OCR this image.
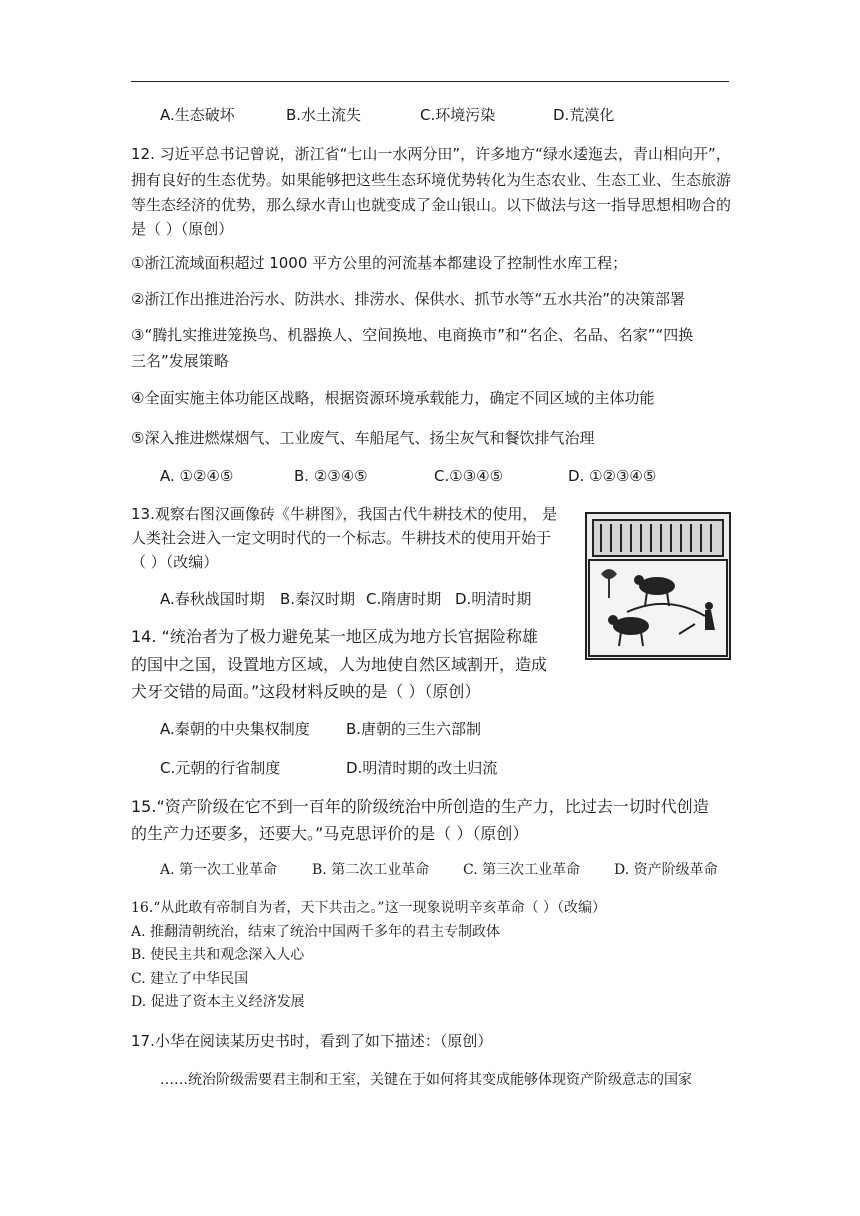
A.生态破坏	B.水土流失	C.环境污染	D.荒漠化
12. 习近平总书记曾说，浙江省“七山一水两分田”，许多地方“绿水逶迤去，青山相向开”，
拥有良好的生态优势。如果能够把这些生态环境优势转化为生态农业、生态工业、生态旅游
等生态经济的优势，那么绿水青山也就变成了金山银山。以下做法与这一指导思想相吻合的
是（ ）（原创）
①浙江流域面积超过 1000 平方公里的河流基本都建设了控制性水库工程；
②浙江作出推进治污水、防洪水、排涝水、保供水、抓节水等“五水共治”的决策部署
③“腾扎实推进笼换鸟、机器换人、空间换地、电商换市”和“名企、名品、名家”“四换
三名”发展策略
④全面实施主体功能区战略，根据资源环境承载能力，确定不同区域的主体功能
⑤深入推进燃煤烟气、工业废气、车船尾气、扬尘灰气和餐饮排气治理
A. ①②④⑤	B. ②③④⑤	C.①③④⑤	D. ①②③④⑤
13.观察右图汉画像砖《牛耕图》，我国古代牛耕技术的使用， 是
人类社会进入一定文明时代的一个标志。牛耕技术的使用开始于
（ ）（改编）
A.春秋战国时期 B.秦汉时期 C.隋唐时期 D.明清时期
14. “统治者为了极力避免某一地区成为地方长官据险称雄
的国中之国，设置地方区域，人为地使自然区域割开，造成
犬牙交错的局面。”这段材料反映的是（ ）（原创）
A.秦朝的中央集权制度 B.唐朝的三生六部制
C.元朝的行省制度	D.明清时期的改土归流
15.“资产阶级在它不到一百年的阶级统治中所创造的生产力，比过去一切时代创造
的生产力还要多，还要大。”马克思评价的是（ ）（原创）
A. 第一次工业革命 B. 第二次工业革命 C. 第三次工业革命 D. 资产阶级革命
16.“从此敢有帝制自为者，天下共击之。”这一现象说明辛亥革命（ ）（改编）
A. 推翻清朝统治，结束了统治中国两千多年的君主专制政体
B. 使民主共和观念深入人心
C. 建立了中华民国
D. 促进了资本主义经济发展
17.小华在阅读某历史书时，看到了如下描述：（原创）
……统治阶级需要君主制和王室，关键在于如何将其变成能够体现资产阶级意志的国家
